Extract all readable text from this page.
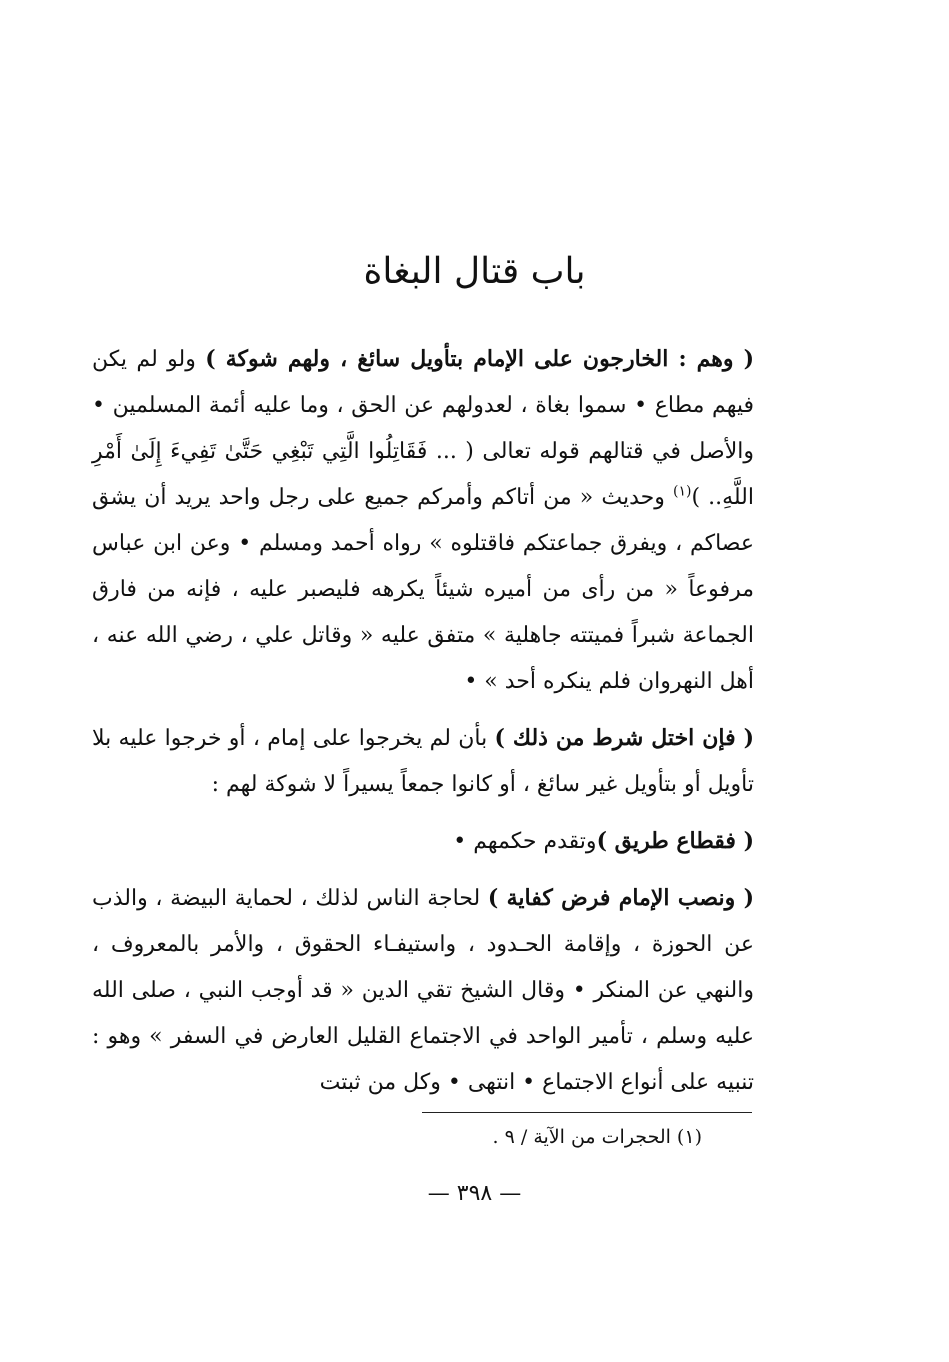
باب قتال البغاة

( وهم : الخارجون على الإمام بتأويل سائغ ، ولهم شوكة ) ولو لم يكن فيهم مطاع • سموا بغاة ، لعدولهم عن الحق ، وما عليه أئمة المسلمين • والأصل في قتالهم قوله تعالى ( ... فَقَاتِلُوا الَّتِي تَبْغِي حَتَّىٰ تَفِيءَ إِلَىٰ أَمْرِ اللَّهِ.. )$^{(١)}$ وحديث « من أتاكم وأمركم جميع على رجل واحد يريد أن يشق عصاكم ، ويفرق جماعتكم فاقتلوه » رواه أحمد ومسلم • وعن ابن عباس مرفوعاً « من رأى من أميره شيئاً يكرهه فليصبر عليه ، فإنه من فارق الجماعة شبراً فميتته جاهلية » متفق عليه « وقاتل علي ، رضي الله عنه ، أهل النهروان فلم ينكره أحد » •

( فإن اختل شرط من ذلك ) بأن لم يخرجوا على إمام ، أو خرجوا عليه بلا تأويل أو بتأويل غير سائغ ، أو كانوا جمعاً يسيراً لا شوكة لهم :

( فقطاع طريق )وتقدم حكمهم •

( ونصب الإمام فرض كفاية ) لحاجة الناس لذلك ، لحماية البيضة ، والذب عن الحوزة ، وإقامة الحـدود ، واستيفـاء الحقوق ، والأمر بالمعروف ، والنهي عن المنكر • وقال الشيخ تقي الدين « قد أوجب النبي ، صلى الله عليه وسلم ، تأمير الواحد في الاجتماع القليل العارض في السفر » وهو : تنبيه على أنواع الاجتماع • انتهى • وكل من ثبتت

(١) الحجرات من الآية / ٩ .
— ٣٩٨ —
